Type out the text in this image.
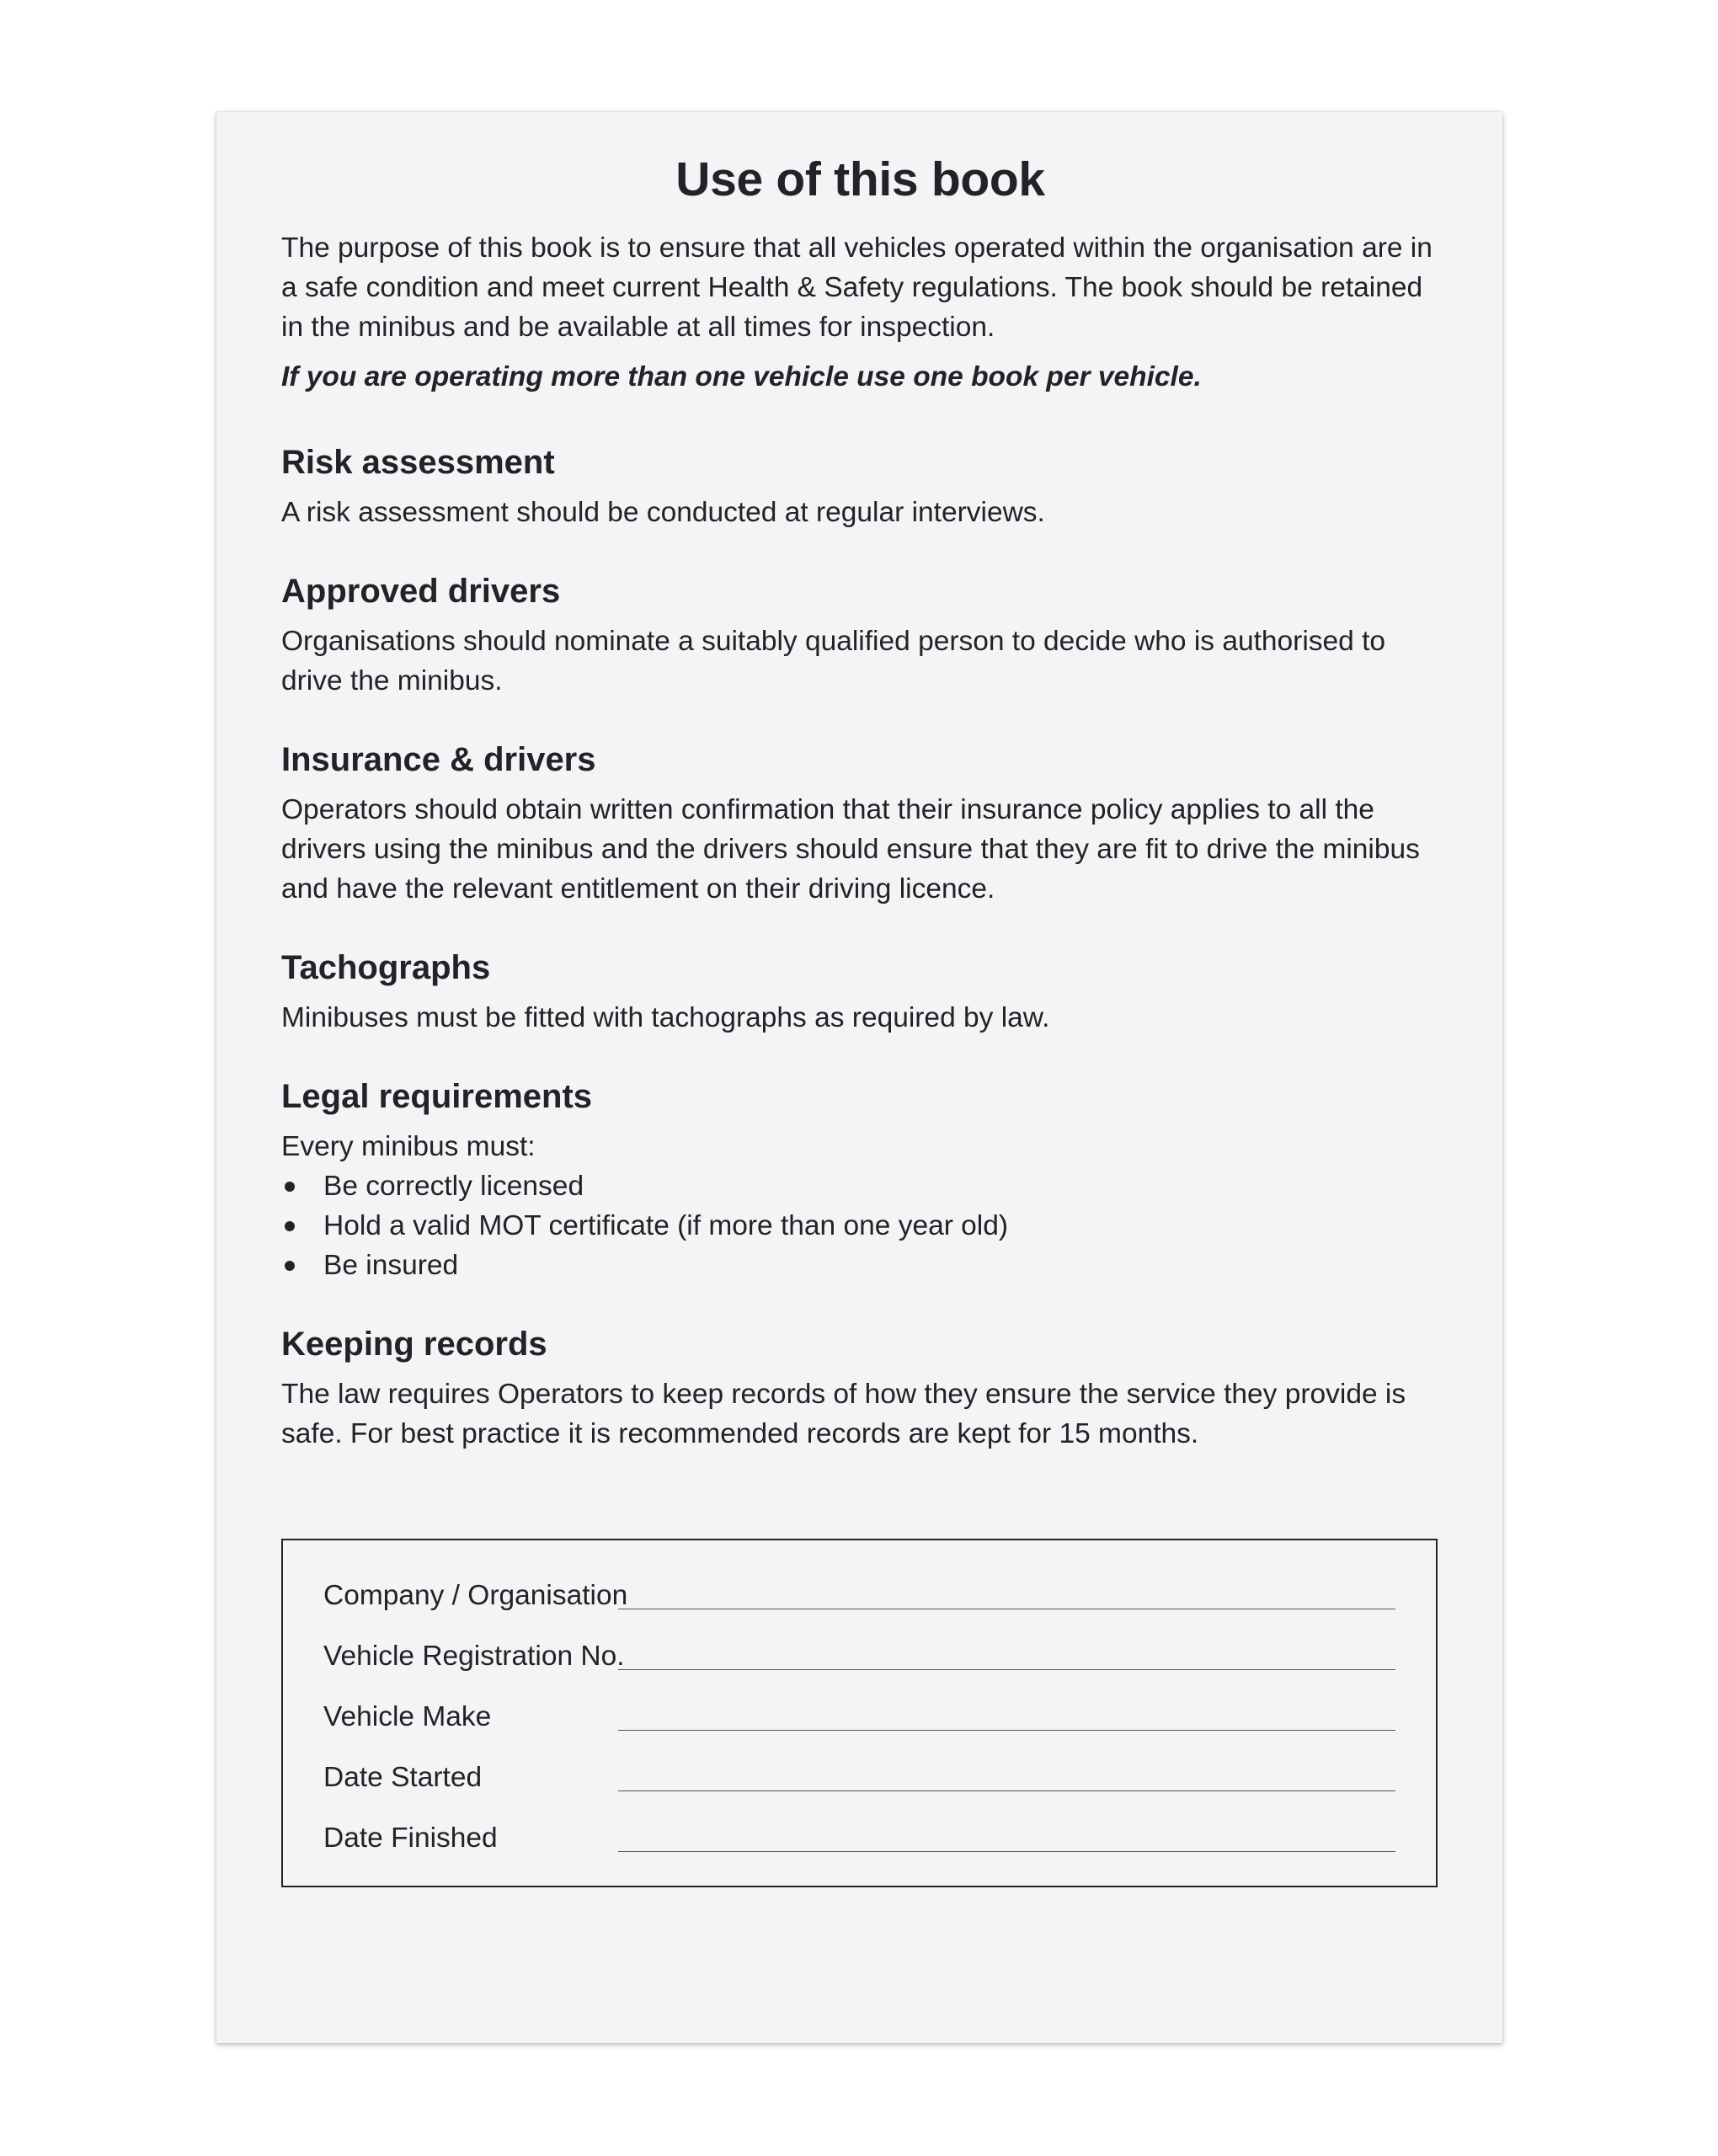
Use of this book

The purpose of this book is to ensure that all vehicles operated within the organisation are in a safe condition and meet current Health & Safety regulations. The book should be retained in the minibus and be available at all times for inspection.

If you are operating more than one vehicle use one book per vehicle.

Risk assessment

A risk assessment should be conducted at regular interviews.

Approved drivers

Organisations should nominate a suitably qualified person to decide who is authorised to drive the minibus.

Insurance & drivers

Operators should obtain written confirmation that their insurance policy applies to all the drivers using the minibus and the drivers should ensure that they are fit to drive the minibus and have the relevant entitlement on their driving licence.

Tachographs

Minibuses must be fitted with tachographs as required by law.

Legal requirements

Every minibus must:

Be correctly licensed
Hold a valid MOT certificate (if more than one year old)
Be insured
Keeping records

The law requires Operators to keep records of how they ensure the service they provide is safe. For best practice it is recommended records are kept for 15 months.

Company / Organisation
Vehicle Registration No.
Vehicle Make
Date Started
Date Finished
